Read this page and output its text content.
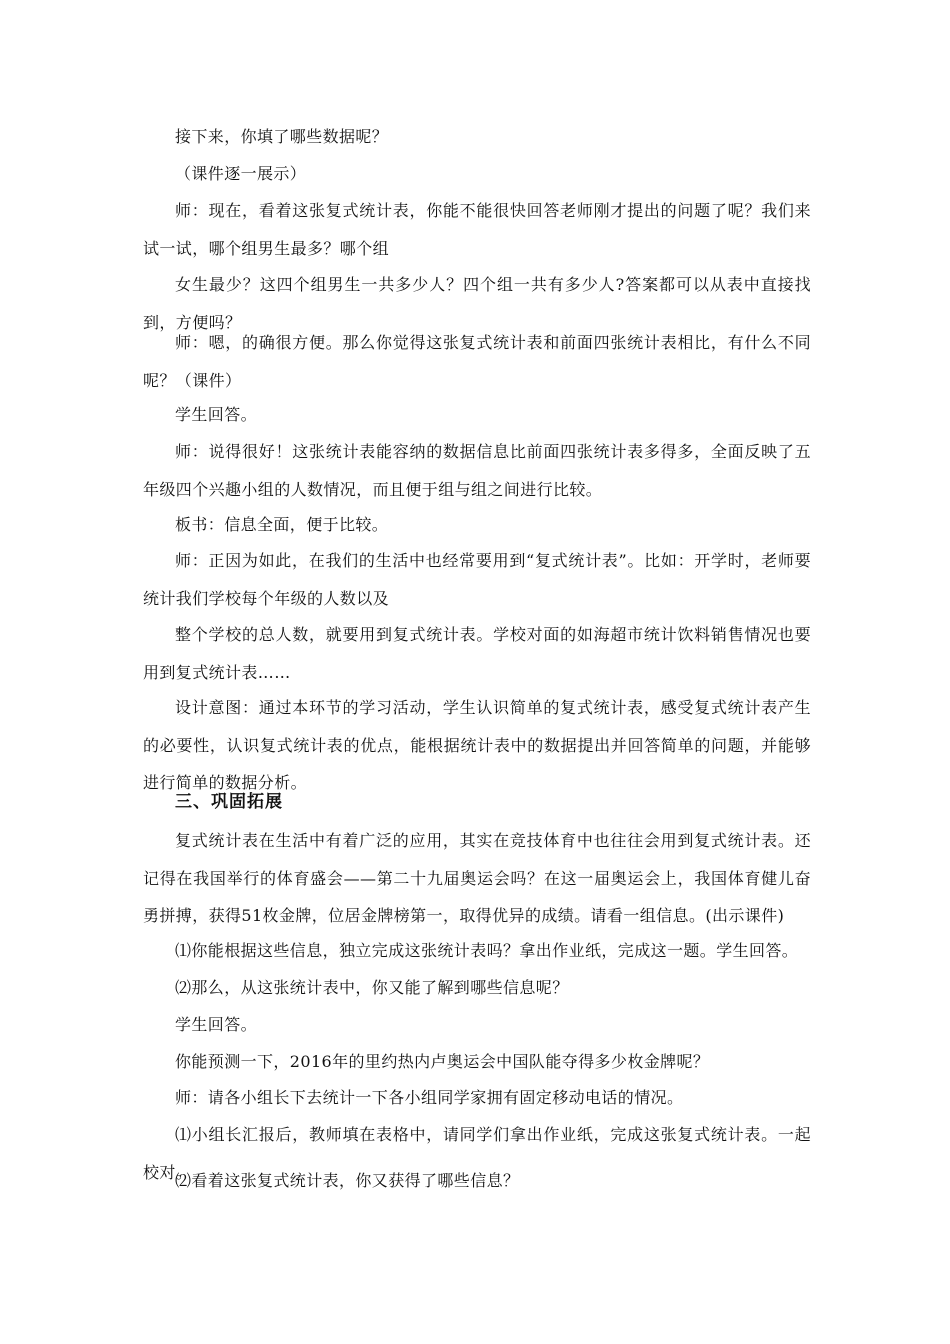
接下来，你填了哪些数据呢？

（课件逐一展示）

师：现在，看着这张复式统计表，你能不能很快回答老师刚才提出的问题了呢？我们来试一试，哪个组男生最多？哪个组

女生最少？这四个组男生一共多少人？四个组一共有多少人?答案都可以从表中直接找到，方便吗？

师：嗯，的确很方便。那么你觉得这张复式统计表和前面四张统计表相比，有什么不同呢？（课件）

学生回答。

师：说得很好！这张统计表能容纳的数据信息比前面四张统计表多得多，全面反映了五年级四个兴趣小组的人数情况，而且便于组与组之间进行比较。

板书：信息全面，便于比较。

师：正因为如此，在我们的生活中也经常要用到“复式统计表”。比如：开学时，老师要统计我们学校每个年级的人数以及

整个学校的总人数，就要用到复式统计表。学校对面的如海超市统计饮料销售情况也要用到复式统计表……

设计意图：通过本环节的学习活动，学生认识简单的复式统计表，感受复式统计表产生的必要性，认识复式统计表的优点，能根据统计表中的数据提出并回答简单的问题，并能够进行简单的数据分析。

三、巩固拓展

复式统计表在生活中有着广泛的应用，其实在竞技体育中也往往会用到复式统计表。还记得在我国举行的体育盛会——第二十九届奥运会吗？在这一届奥运会上，我国体育健儿奋勇拼搏，获得51枚金牌，位居金牌榜第一，取得优异的成绩。请看一组信息。(出示课件)

⑴你能根据这些信息，独立完成这张统计表吗？拿出作业纸，完成这一题。学生回答。

⑵那么，从这张统计表中，你又能了解到哪些信息呢？

学生回答。

你能预测一下，2016年的里约热内卢奥运会中国队能夺得多少枚金牌呢？

师：请各小组长下去统计一下各小组同学家拥有固定移动电话的情况。

⑴小组长汇报后，教师填在表格中，请同学们拿出作业纸，完成这张复式统计表。一起校对。

⑵看着这张复式统计表，你又获得了哪些信息？
